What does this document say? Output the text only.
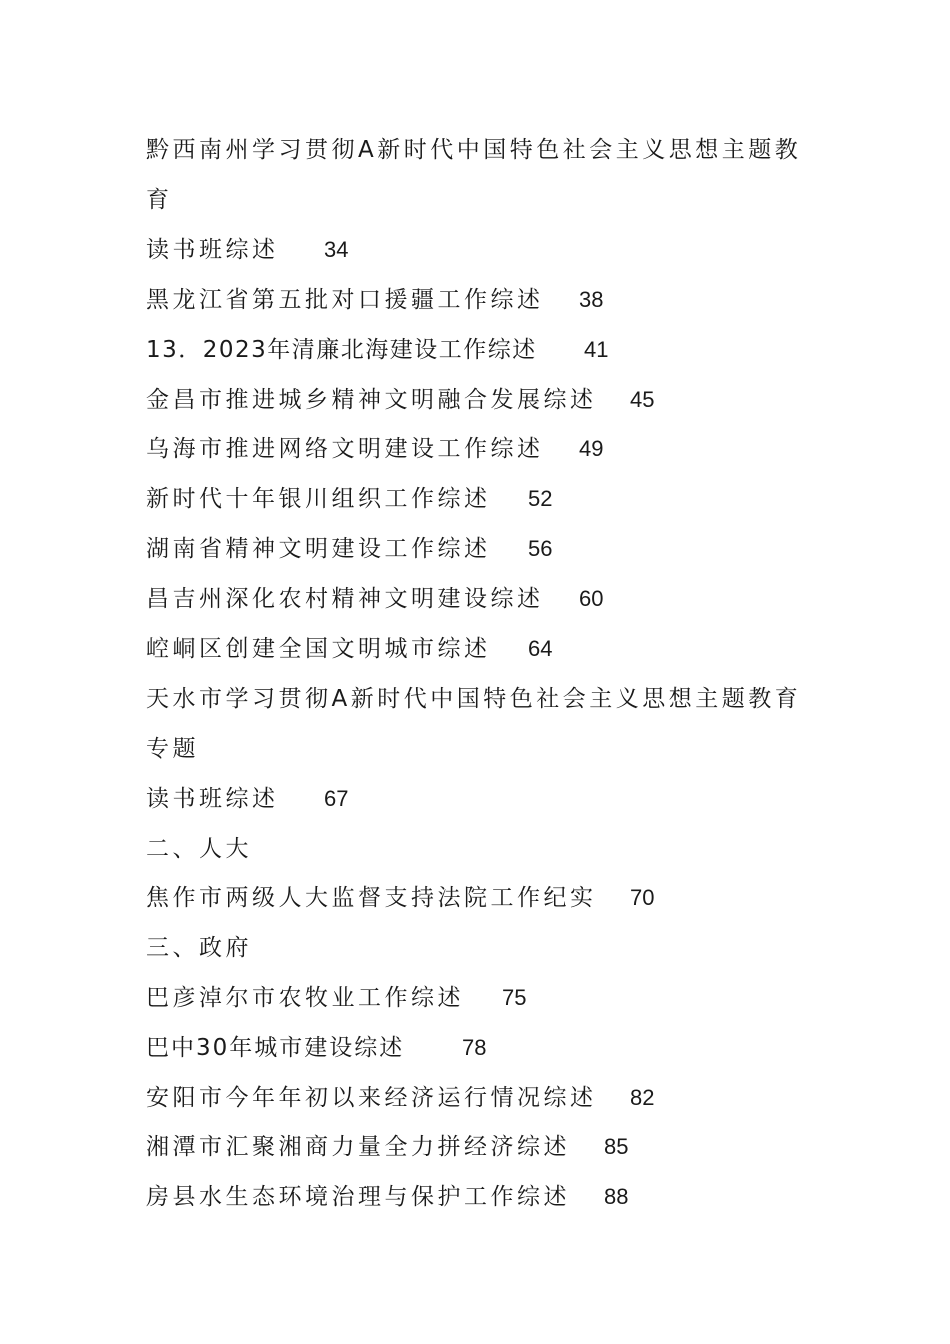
黔西南州学习贯彻A新时代中国特色社会主义思想主题教
育
读书班综述 34
黑龙江省第五批对口援疆工作综述 38
13．2023年清廉北海建设工作综述 41
金昌市推进城乡精神文明融合发展综述 45
乌海市推进网络文明建设工作综述 49
新时代十年银川组织工作综述 52
湖南省精神文明建设工作综述 56
昌吉州深化农村精神文明建设综述 60
崆峒区创建全国文明城市综述 64
天水市学习贯彻A新时代中国特色社会主义思想主题教育
专题
读书班综述 67
二、人大
焦作市两级人大监督支持法院工作纪实 70
三、政府
巴彦淖尔市农牧业工作综述 75
巴中30年城市建设综述	78
安阳市今年年初以来经济运行情况综述 82
湘潭市汇聚湘商力量全力拼经济综述 85
房县水生态环境治理与保护工作综述 88
